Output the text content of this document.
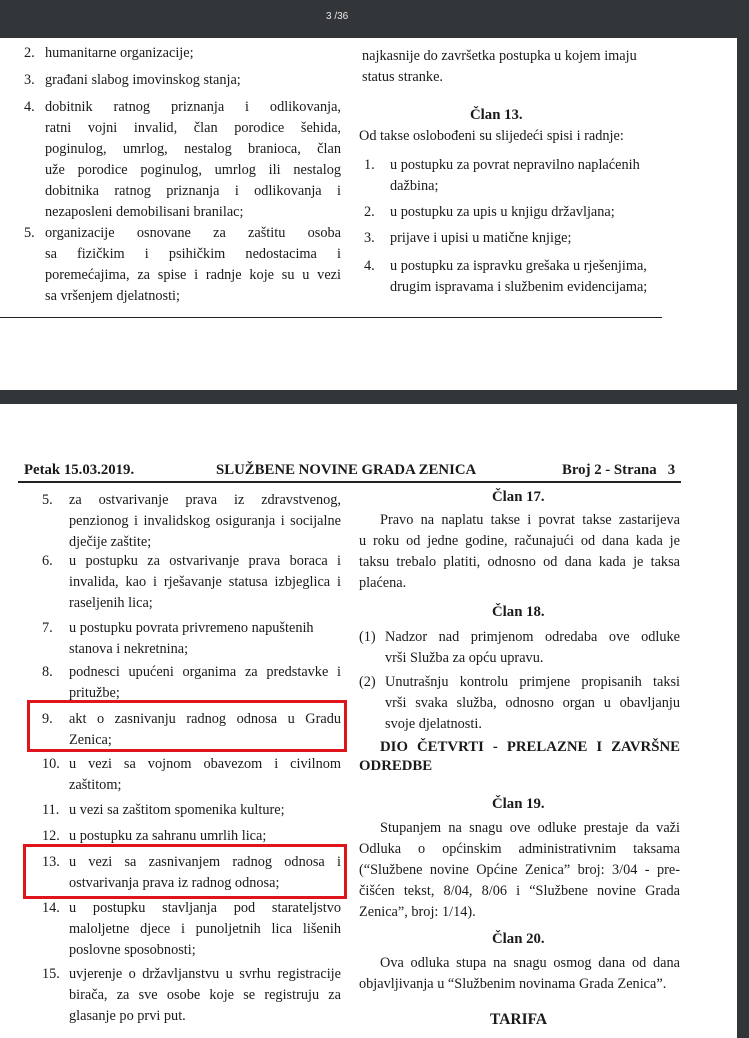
3 /36
2. humanitarne organizacije;
3. građani slabog imovinskog stanja;
4. dobitnik ratnog priznanja i odlikovanja,
ratni vojni invalid, član porodice šehida,
poginulog, umrlog, nestalog branioca, član
uže porodice poginulog, umrlog ili nestalog
dobitnika ratnog priznanja i odlikovanja i
nezaposleni demobilisani branilac;
5. organizacije osnovane za zaštitu osoba
sa fizičkim i psihičkim nedostacima i
poremećajima, za spise i radnje koje su u vezi
sa vršenjem djelatnosti;
najkasnije do završetka postupka u kojem imaju
status stranke.
Član 13.
Od takse oslobođeni su slijedeći spisi i radnje:
1. u postupku za povrat nepravilno naplaćenih
dažbina;
2. u postupku za upis u knjigu državljana;
3. prijave i upisi u matične knjige;
4. u postupku za ispravku grešaka u rješenjima,
drugim ispravama i službenim evidencijama;
Petak 15.03.2019.	SLUŽBENE NOVINE GRADA ZENICA	Broj 2 - Strana   3
5. za ostvarivanje prava iz zdravstvenog,
penzionog i invalidskog osiguranja i socijalne
dječije zaštite;
6. u postupku za ostvarivanje prava boraca i
invalida, kao i rješavanje statusa izbjeglica i
raseljenih lica;
7. u postupku povrata privremeno napuštenih
stanova i nekretnina;
8. podnesci upućeni organima za predstavke i
pritužbe;
9. akt o zasnivanju radnog odnosa u Gradu
Zenica;
10. u vezi sa vojnom obavezom i civilnom
zaštitom;
11. u vezi sa zaštitom spomenika kulture;
12. u postupku za sahranu umrlih lica;
13. u vezi sa zasnivanjem radnog odnosa i
ostvarivanja prava iz radnog odnosa;
14. u postupku stavljanja pod starateljstvo
maloljetne djece i punoljetnih lica lišenih
poslovne sposobnosti;
15. uvjerenje o državljanstvu u svrhu registracije
birača, za sve osobe koje se registruju za
glasanje po prvi put.
Član 17.
Pravo na naplatu takse i povrat takse zastarijeva
u roku od jedne godine, računajući od dana kada je
taksu trebalo platiti, odnosno od dana kada je taksa
plaćena.
Član 18.
(1) Nadzor nad primjenom odredaba ove odluke
vrši Služba za opću upravu.
(2) Unutrašnju kontrolu primjene propisanih taksi
vrši svaka služba, odnosno organ u obavljanju
svoje djelatnosti.
DIO ČETVRTI - PRELAZNE I ZAVRŠNE
ODREDBE
Član 19.
Stupanjem na snagu ove odluke prestaje da važi
Odluka o općinskim administrativnim taksama
(“Službene novine Općine Zenica” broj: 3/04 - pre-
čišćen tekst, 8/04, 8/06 i “Službene novine Grada
Zenica”, broj: 1/14).
Član 20.
Ova odluka stupa na snagu osmog dana od dana
objavljivanja u “Službenim novinama Grada Zenica”.
TARIFA
